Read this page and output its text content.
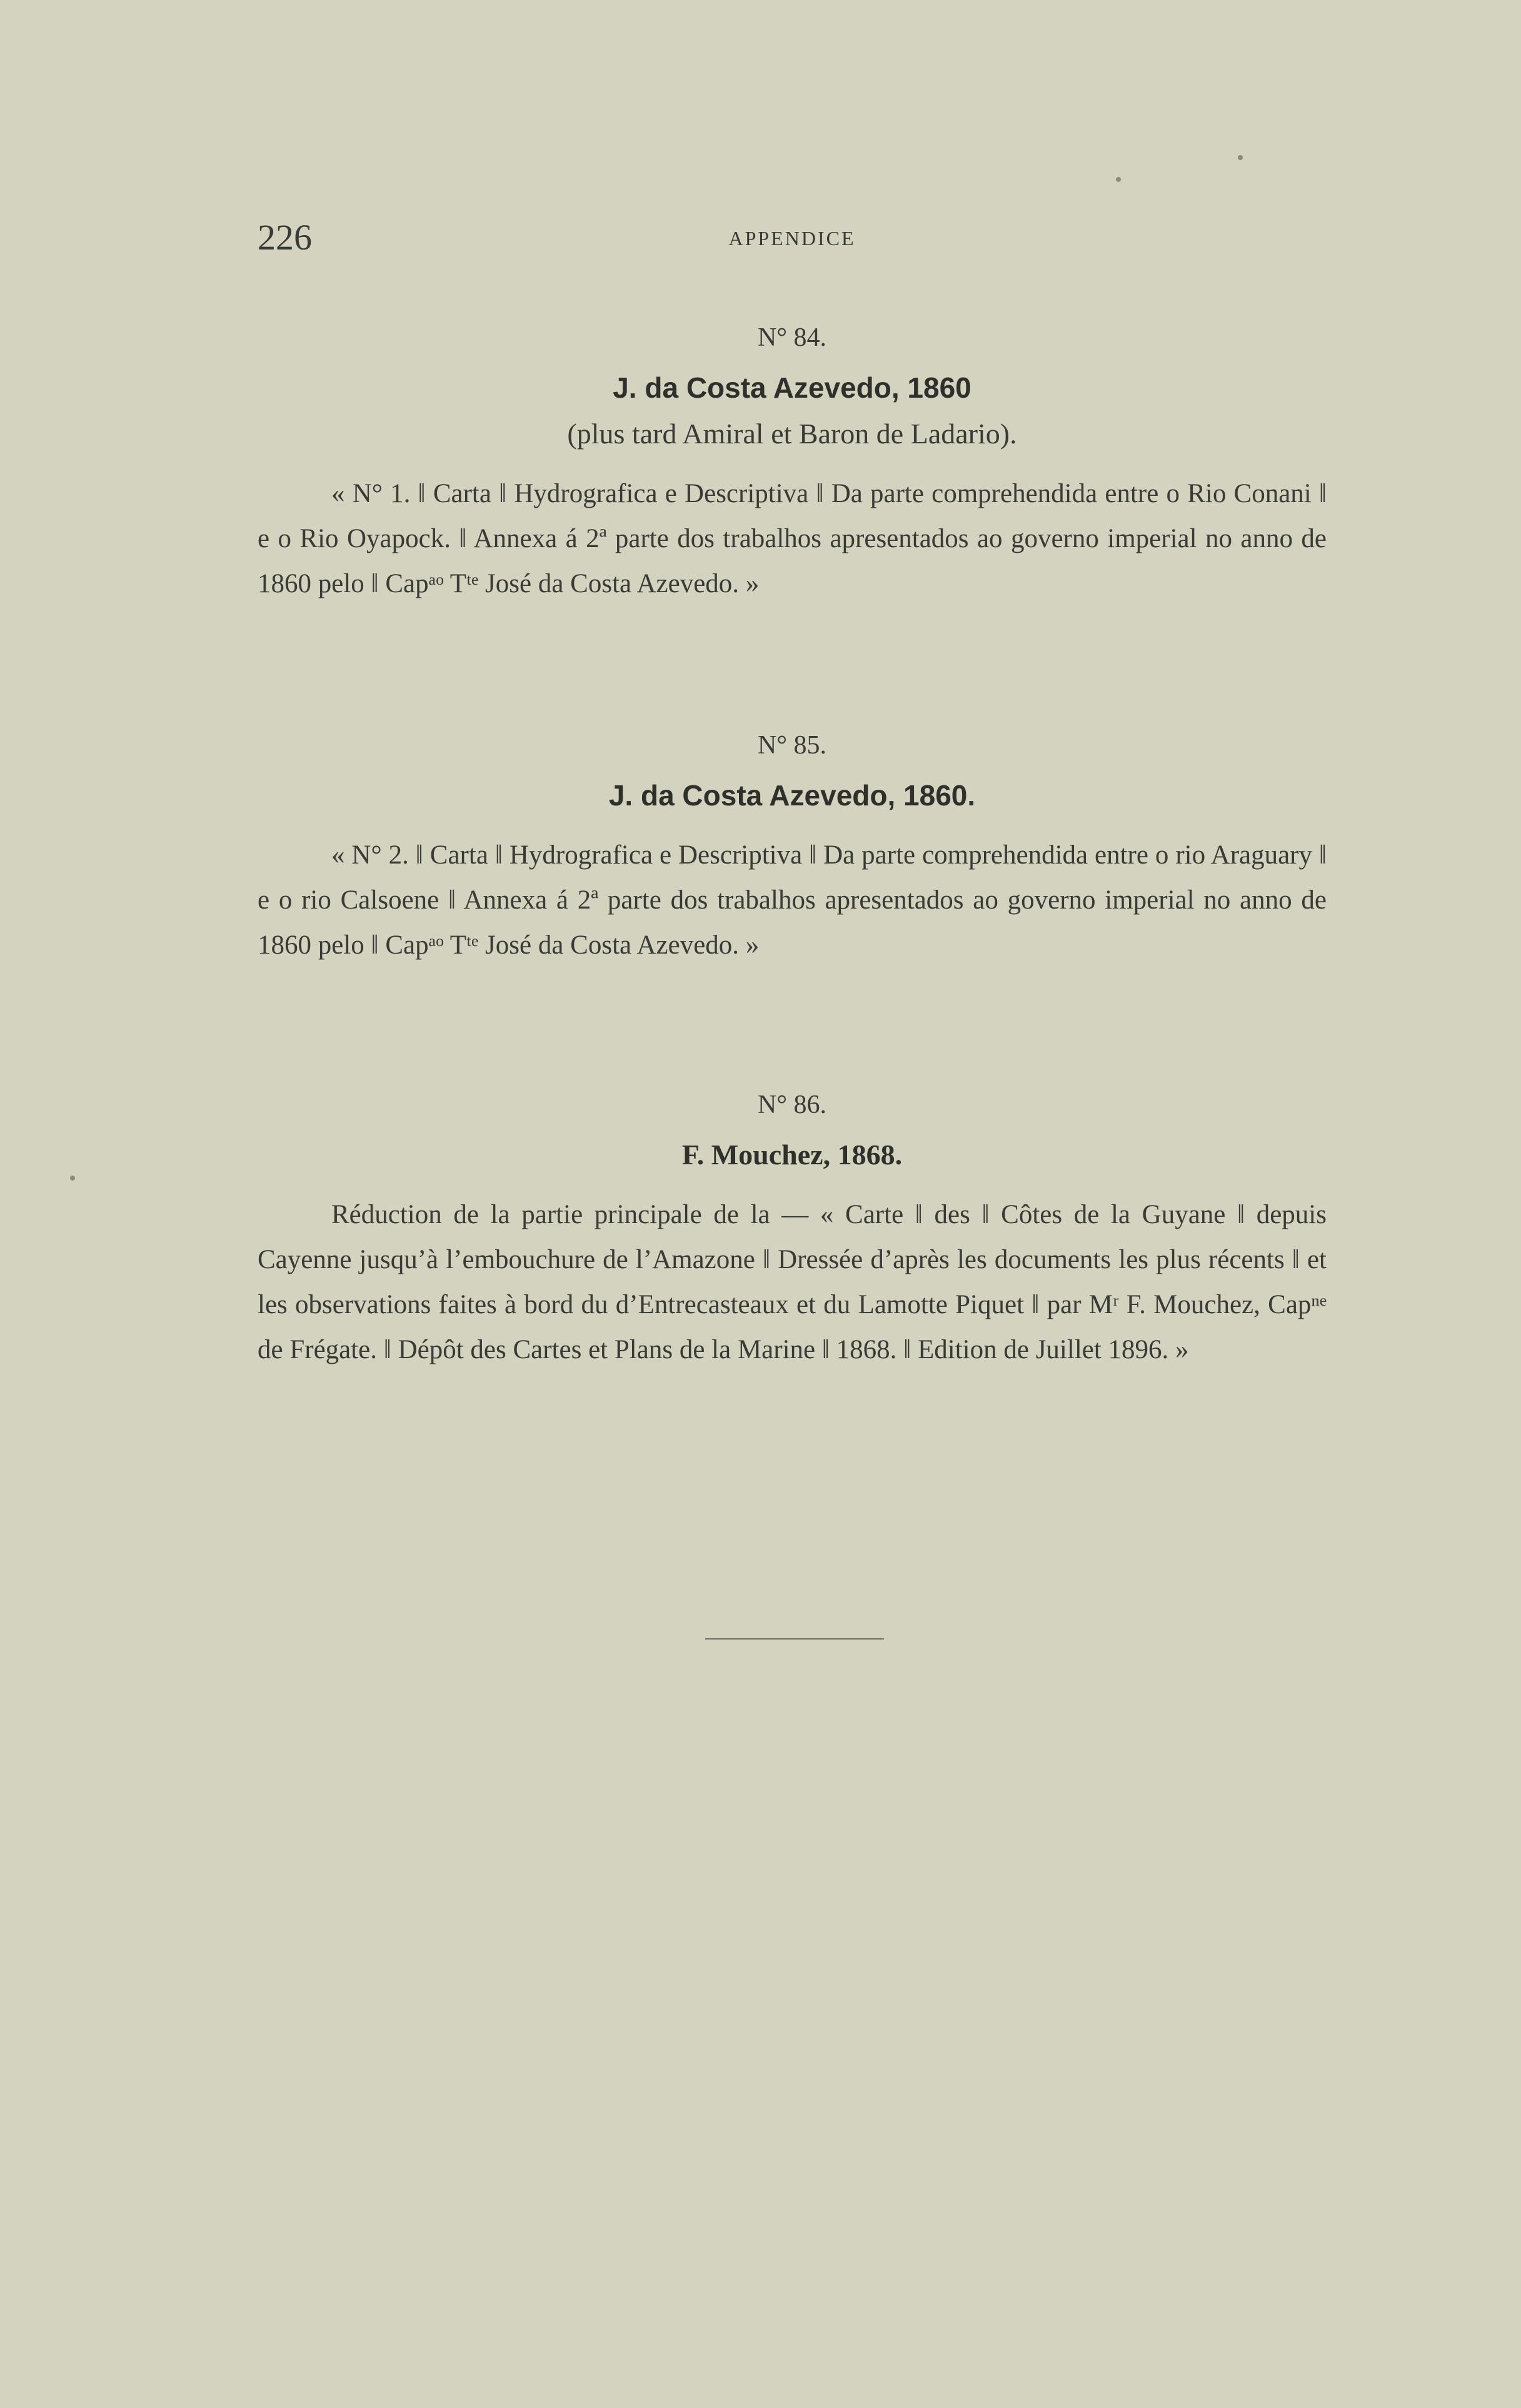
226	APPENDICE

N° 84.

J. da Costa Azevedo, 1860

(plus tard Amiral et Baron de Ladario).

« N° 1. ‖ Carta ‖ Hydrografica e Descriptiva ‖ Da parte comprehendida entre o Rio Conani ‖ e o Rio Oyapock. ‖ Annexa á 2ª parte dos trabalhos apresentados ao governo imperial no anno de 1860 pelo ‖ Capᵃᵒ Tᵗᵉ José da Costa Azevedo. »

N° 85.

J. da Costa Azevedo, 1860.

« N° 2. ‖ Carta ‖ Hydrografica e Descriptiva ‖ Da parte comprehendida entre o rio Araguary ‖ e o rio Calsoene ‖ Annexa á 2ª parte dos trabalhos apresentados ao governo imperial no anno de 1860 pelo ‖ Capᵃᵒ Tᵗᵉ José da Costa Azevedo. »

N° 86.

F. Mouchez, 1868.

Réduction de la partie principale de la — « Carte ‖ des ‖ Côtes de la Guyane ‖ depuis Cayenne jusqu’à l’embouchure de l’Amazone ‖ Dressée d’après les documents les plus récents ‖ et les observations faites à bord du d’Entrecasteaux et du Lamotte Piquet ‖ par Mʳ F. Mouchez, Capⁿᵉ de Frégate. ‖ Dépôt des Cartes et Plans de la Marine ‖ 1868. ‖ Edition de Juillet 1896. »
